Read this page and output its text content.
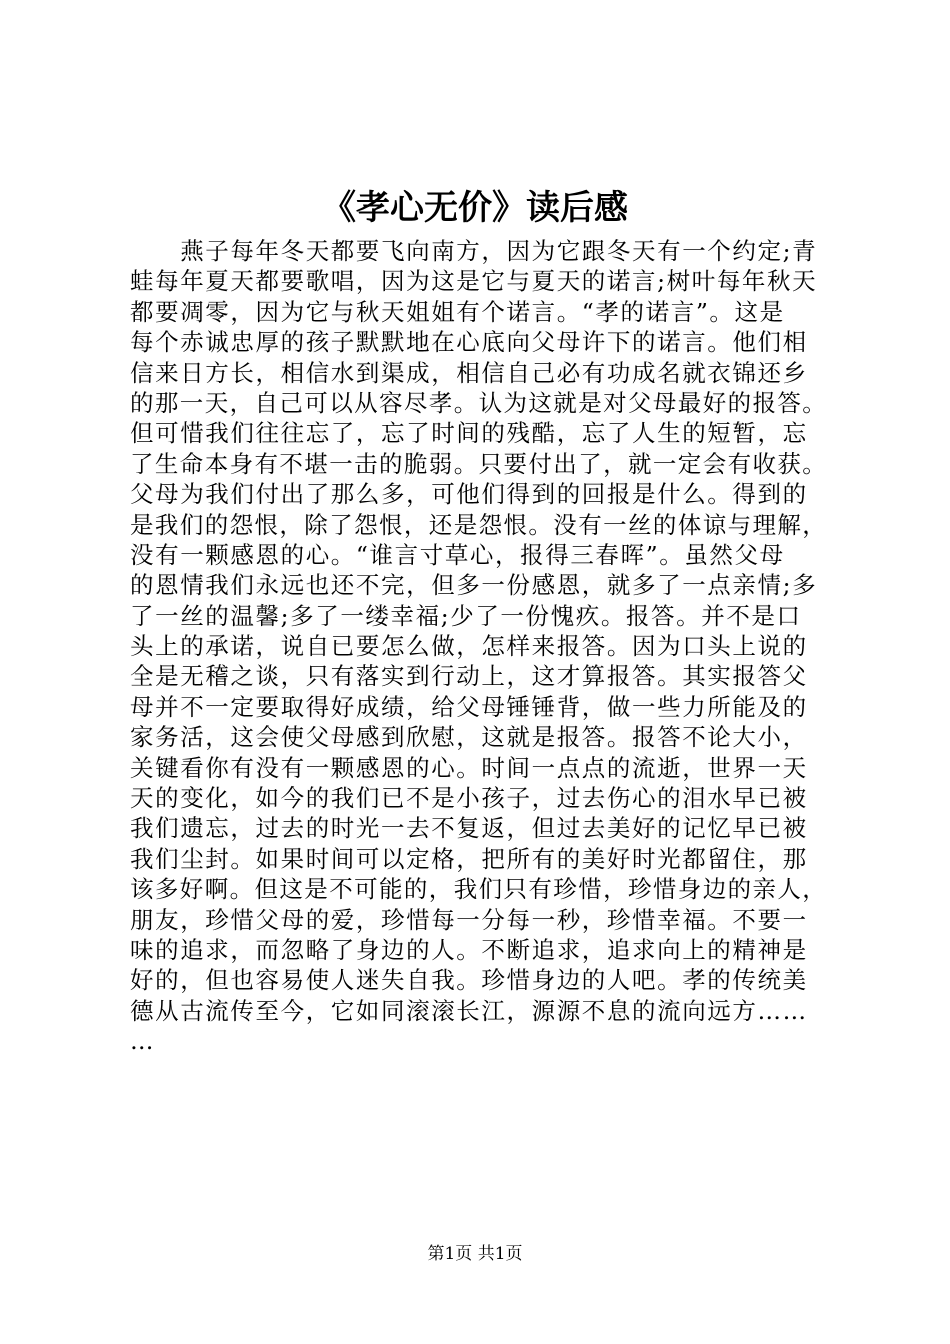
《孝心无价》读后感
　　燕子每年冬天都要飞向南方，因为它跟冬天有一个约定;青
蛙每年夏天都要歌唱，因为这是它与夏天的诺言;树叶每年秋天
都要凋零，因为它与秋天姐姐有个诺言。“孝的诺言”。这是
每个赤诚忠厚的孩子默默地在心底向父母许下的诺言。他们相
信来日方长，相信水到渠成，相信自己必有功成名就衣锦还乡
的那一天，自己可以从容尽孝。认为这就是对父母最好的报答。
但可惜我们往往忘了，忘了时间的残酷，忘了人生的短暂，忘
了生命本身有不堪一击的脆弱。只要付出了，就一定会有收获。
父母为我们付出了那么多，可他们得到的回报是什么。得到的
是我们的怨恨，除了怨恨，还是怨恨。没有一丝的体谅与理解，
没有一颗感恩的心。“谁言寸草心，报得三春晖”。虽然父母
的恩情我们永远也还不完，但多一份感恩，就多了一点亲情;多
了一丝的温馨;多了一缕幸福;少了一份愧疚。报答。并不是口
头上的承诺，说自已要怎么做，怎样来报答。因为口头上说的
全是无稽之谈，只有落实到行动上，这才算报答。其实报答父
母并不一定要取得好成绩，给父母锤锤背，做一些力所能及的
家务活，这会使父母感到欣慰，这就是报答。报答不论大小，
关键看你有没有一颗感恩的心。时间一点点的流逝，世界一天
天的变化，如今的我们已不是小孩子，过去伤心的泪水早已被
我们遗忘，过去的时光一去不复返，但过去美好的记忆早已被
我们尘封。如果时间可以定格，把所有的美好时光都留住，那
该多好啊。但这是不可能的，我们只有珍惜，珍惜身边的亲人，
朋友，珍惜父母的爱，珍惜每一分每一秒，珍惜幸福。不要一
味的追求，而忽略了身边的人。不断追求，追求向上的精神是
好的，但也容易使人迷失自我。珍惜身边的人吧。孝的传统美
德从古流传至今，它如同滚滚长江，源源不息的流向远方……
…
第1页 共1页
